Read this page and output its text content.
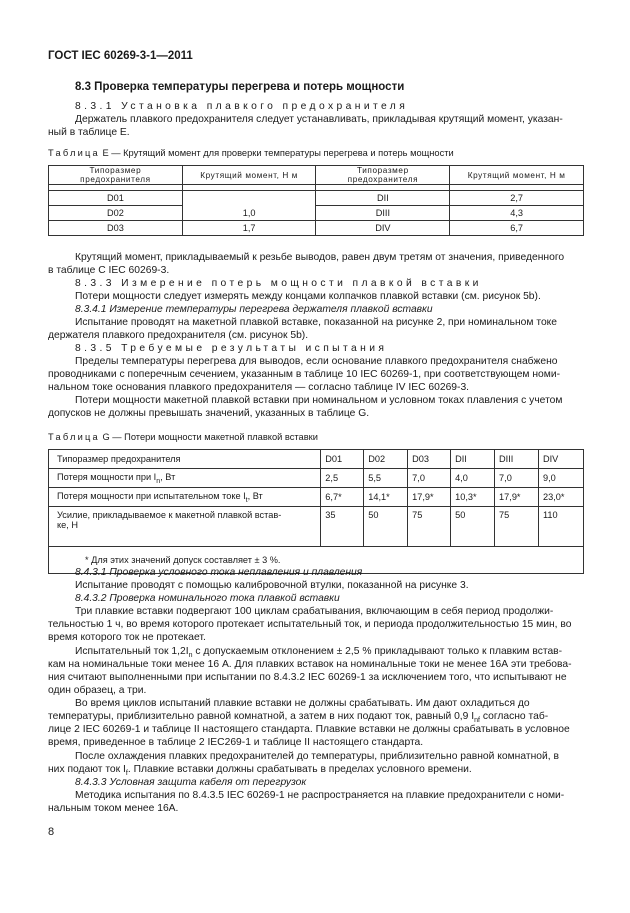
ГОСТ IEC 60269-3-1—2011
8.3 Проверка температуры перегрева и потерь мощности
8.3.1 Установка плавкого предохранителя
Держатель плавкого предохранителя следует устанавливать, прикладывая крутящий момент, указан-
ный в таблице E.
Таблица E — Крутящий момент для проверки температуры перегрева и потерь мощности
Типоразмер предохранителя	Крутящий момент, Н м	Типоразмер предохранителя	Крутящий момент, Н м

D01		DII	2,7
D02	1,0	DIII	4,3
D03	1,7	DIV	6,7
Крутящий момент, прикладываемый к резьбе выводов, равен двум третям от значения, приведенного
в таблице С IEC 60269-3.
8.3.3 Измерение потерь мощности плавкой вставки
Потери мощности следует измерять между концами колпачков плавкой вставки (см. рисунок 5b).
8.3.4.1 Измерение температуры перегрева держателя плавкой вставки
Испытание проводят на макетной плавкой вставке, показанной на рисунке 2, при номинальном токе
держателя плавкого предохранителя (см. рисунок 5b).
8.3.5 Требуемые результаты испытания
Пределы температуры перегрева для выводов, если основание плавкого предохранителя снабжено
проводниками с поперечным сечением, указанным в таблице 10 IEC 60269-1, при соответствующем номи-
нальном токе основания плавкого предохранителя — согласно таблице IV IEC 60269-3.
Потери мощности макетной плавкой вставки при номинальном и условном токах плавления с учетом
допусков не должны превышать значений, указанных в таблице G.
Таблица G — Потери мощности макетной плавкой вставки
Типоразмер предохранителя	D01	D02	D03	DII	DIII	DIV
Потеря мощности при $I_n$, Вт	2,5	5,5	7,0	4,0	7,0	9,0
Потеря мощности при испытательном токе $I_t$, Вт	6,7*	14,1*	17,9*	10,3*	17,9*	23,0*

Усилие, прикладываемое к макетной плавкой встав-
ке, Н	35	50	75	50	75	110
* Для этих значений допуск составляет ± 3 %.						
8.4.3.1 Проверка условного тока неплавления и плавления
Испытание проводят с помощью калибровочной втулки, показанной на рисунке 3.
8.4.3.2 Проверка номинального тока плавкой вставки
Три плавкие вставки подвергают 100 циклам срабатывания, включающим в себя период продолжи-
тельностью 1 ч, во время которого протекает испытательный ток, и периода продолжительностью 15 мин, во
время которого ток не протекает.
Испытательный ток $1,2I_n$ с допускаемым отклонением ± 2,5 % прикладывают только к плавким встав-
кам на номинальные токи менее 16 А. Для плавких вставок на номинальные токи не менее 16А эти требова-
ния считают выполненными при испытании по 8.4.3.2 IEC 60269-1 за исключением того, что испытывают не
один образец, а три.
Во время циклов испытаний плавкие вставки не должны срабатывать. Им дают охладиться до
температуры, приблизительно равной комнатной, а затем в них подают ток, равный 0,9 $I_{nf}$ согласно таб-
лице 2 IEC 60269-1 и таблице II настоящего стандарта. Плавкие вставки не должны срабатывать в условное
время, приведенное в таблице 2 IEC269-1 и таблице II настоящего стандарта.
После охлаждения плавких предохранителей до температуры, приблизительно равной комнатной, в
них подают ток $I_f$. Плавкие вставки должны срабатывать в пределах условного времени.
8.4.3.3 Условная защита кабеля от перегрузок
Методика испытания по 8.4.3.5 IEC 60269-1 не распространяется на плавкие предохранители с номи-
нальным током менее 16А.
8
